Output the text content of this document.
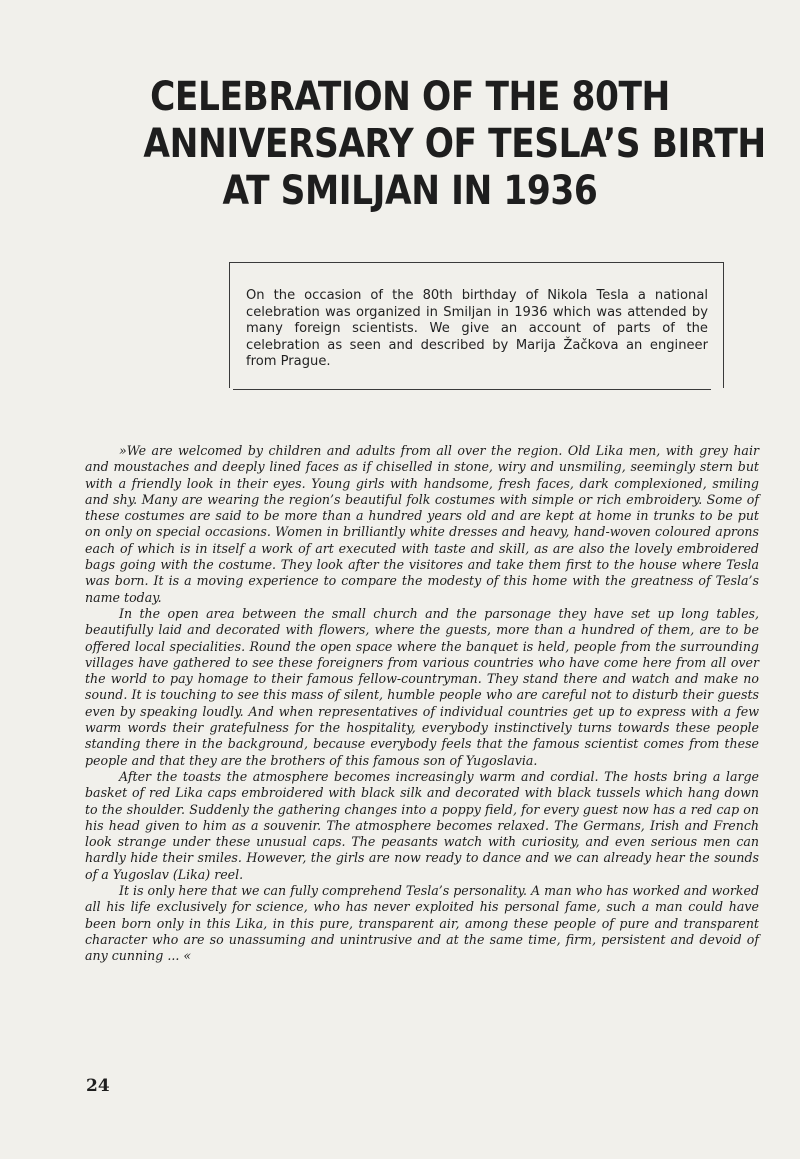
CELEBRATION OF THE 80TH
ANNIVERSARY OF TESLA’S BIRTH
AT SMILJAN IN 1936

On the occasion of the 80th birthday of Nikola Tesla a national celebration was organized in Smiljan in 1936 which was attended by many foreign scientists. We give an account of parts of the celebration as seen and described by Marija Žačkova an engineer from Prague.

»We are welcomed by children and adults from all over the region. Old Lika men, with grey hair and moustaches and deeply lined faces as if chiselled in stone, wiry and unsmiling, seemingly stern but with a friendly look in their eyes. Young girls with handsome, fresh faces, dark complexioned, smiling and shy. Many are wearing the region’s beautiful folk costumes with simple or rich embroidery. Some of these costumes are said to be more than a hundred years old and are kept at home in trunks to be put on only on special occasions. Women in brilliantly white dresses and heavy, hand-woven coloured aprons each of which is in itself a work of art executed with taste and skill, as are also the lovely embroidered bags going with the costume. They look after the visitores and take them first to the house where Tesla was born. It is a moving experience to compare the modesty of this home with the greatness of Tesla’s name today.

In the open area between the small church and the parsonage they have set up long tables, beautifully laid and decorated with flowers, where the guests, more than a hundred of them, are to be offered local specialities. Round the open space where the banquet is held, people from the surrounding villages have gathered to see these foreigners from various countries who have come here from all over the world to pay homage to their famous fellow-countryman. They stand there and watch and make no sound. It is touching to see this mass of silent, humble people who are careful not to disturb their guests even by speaking loudly. And when representatives of individual countries get up to express with a few warm words their gratefulness for the hospitality, everybody instinctively turns towards these people standing there in the background, because everybody feels that the famous scientist comes from these people and that they are the brothers of this famous son of Yugoslavia.

After the toasts the atmosphere becomes increasingly warm and cordial. The hosts bring a large basket of red Lika caps embroidered with black silk and decorated with black tussels which hang down to the shoulder. Suddenly the gathering changes into a poppy field, for every guest now has a red cap on his head given to him as a souvenir. The atmosphere becomes relaxed. The Germans, Irish and French look strange under these unusual caps. The peasants watch with curiosity, and even serious men can hardly hide their smiles. However, the girls are now ready to dance and we can already hear the sounds of a Yugoslav (Lika) reel.

It is only here that we can fully comprehend Tesla’s personality. A man who has worked and worked all his life exclusively for science, who has never exploited his personal fame, such a man could have been born only in this Lika, in this pure, transparent air, among these people of pure and transparent character who are so unassuming and unintrusive and at the same time, firm, persistent and devoid of any cunning ... «

24
